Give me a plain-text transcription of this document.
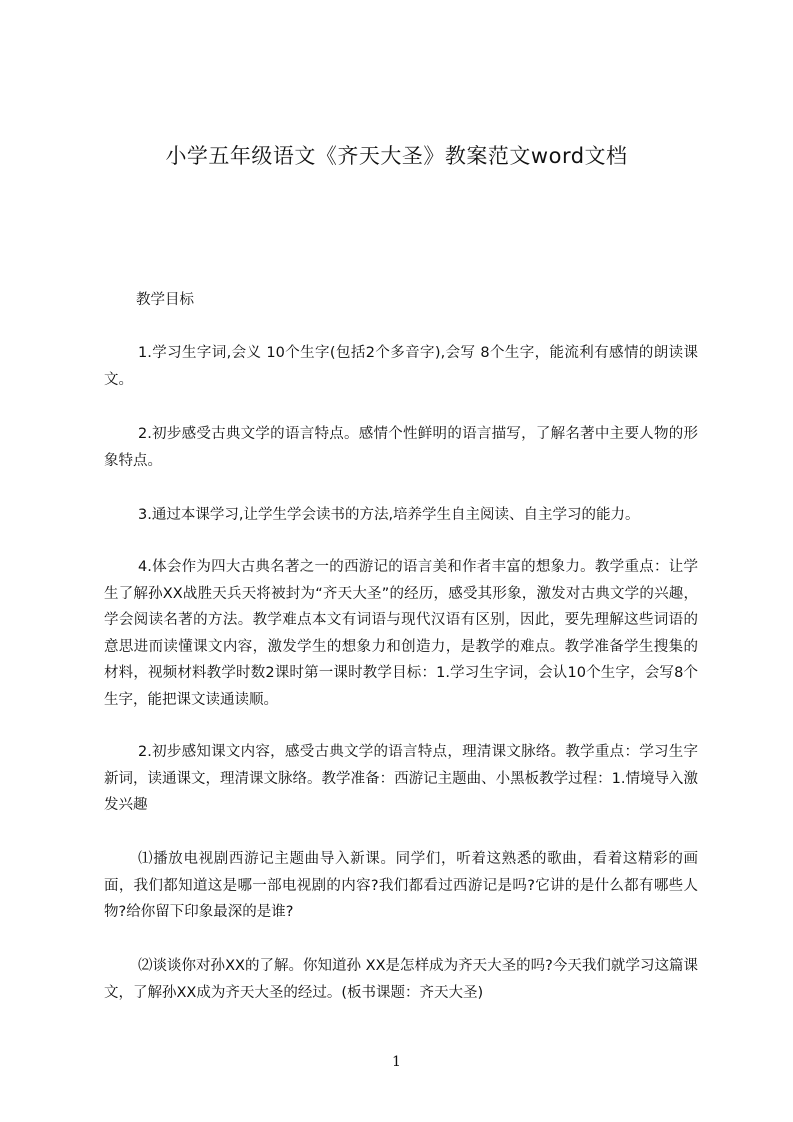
小学五年级语文《齐天大圣》教案范文word文档
教学目标

1.学习生字词,会义 10个生字(包括2个多音字),会写 8个生字，能流利有感情的朗读课文。

2.初步感受古典文学的语言特点。感情个性鲜明的语言描写，了解名著中主要人物的形象特点。

3.通过本课学习,让学生学会读书的方法,培养学生自主阅读、自主学习的能力。

4.体会作为四大古典名著之一的西游记的语言美和作者丰富的想象力。教学重点：让学生了解孙XX战胜天兵天将被封为“齐天大圣”的经历，感受其形象，激发对古典文学的兴趣，学会阅读名著的方法。教学难点本文有词语与现代汉语有区别，因此，要先理解这些词语的意思进而读懂课文内容，激发学生的想象力和创造力，是教学的难点。教学准备学生搜集的材料，视频材料教学时数2课时第一课时教学目标：1.学习生字词，会认10个生字，会写8个生字，能把课文读通读顺。

2.初步感知课文内容，感受古典文学的语言特点，理清课文脉络。教学重点：学习生字新词，读通课文，理清课文脉络。教学准备：西游记主题曲、小黑板教学过程：1.情境导入激发兴趣

⑴播放电视剧西游记主题曲导入新课。同学们，听着这熟悉的歌曲，看着这精彩的画面，我们都知道这是哪一部电视剧的内容?我们都看过西游记是吗?它讲的是什么都有哪些人物?给你留下印象最深的是谁?

⑵谈谈你对孙XX的了解。你知道孙 XX是怎样成为齐天大圣的吗?今天我们就学习这篇课文，了解孙XX成为齐天大圣的经过。(板书课题：齐天大圣)

1
